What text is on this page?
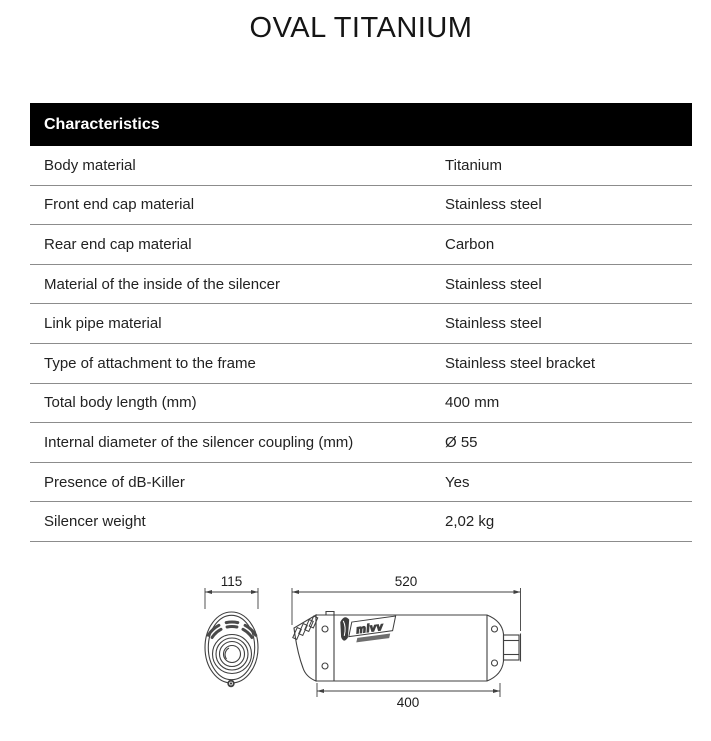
OVAL TITANIUM
Characteristics
Body material	Titanium
Front end cap material	Stainless steel
Rear end cap material	Carbon
Material of the inside of the silencer	Stainless steel
Link pipe material	Stainless steel
Type of attachment to the frame	Stainless steel bracket
Total body length (mm)	400 mm
Internal diameter of the silencer coupling (mm)	Ø 55
Presence of dB-Killer	Yes
Silencer weight	2,02 kg
mivv
115	520
400
